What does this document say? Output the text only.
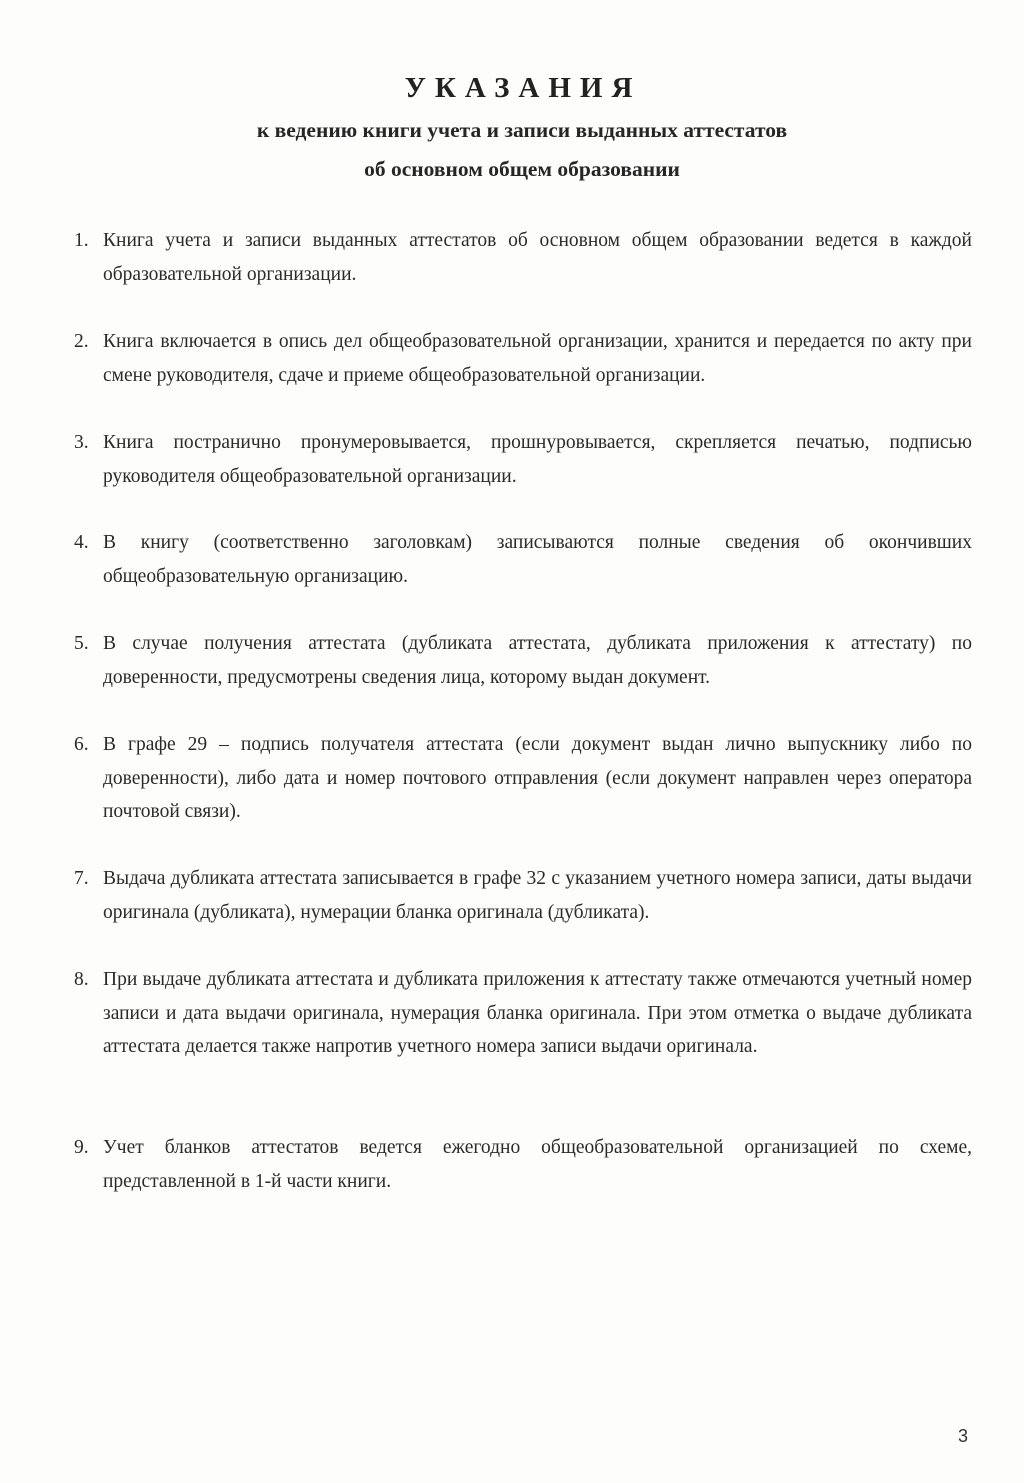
УКАЗАНИЯ
к ведению книги учета и записи выданных аттестатов
об основном общем образовании
1. Книга учета и записи выданных аттестатов об основном общем образовании ведется в каждой образовательной организации.
2. Книга включается в опись дел общеобразовательной организации, хранится и передается по акту при смене руководителя, сдаче и приеме общеобразовательной организации.
3. Книга постранично пронумеровывается, прошнуровывается, скрепляется печатью, подписью руководителя общеобразовательной организации.
4. В книгу (соответственно заголовкам) записываются полные сведения об окончивших общеобразовательную организацию.
5. В случае получения аттестата (дубликата аттестата, дубликата приложения к аттестату) по доверенности, предусмотрены сведения лица, которому выдан документ.
6. В графе 29 – подпись получателя аттестата (если документ выдан лично выпускнику либо по доверенности), либо дата и номер почтового отправления (если документ направлен через оператора почтовой связи).
7. Выдача дубликата аттестата записывается в графе 32 с указанием учетного номера записи, даты выдачи оригинала (дубликата), нумерации бланка оригинала (дубликата).
8. При выдаче дубликата аттестата и дубликата приложения к аттестату также отмечаются учетный номер записи и дата выдачи оригинала, нумерация бланка оригинала. При этом отметка о выдаче дубликата аттестата делается также напротив учетного номера записи выдачи оригинала.
9. Учет бланков аттестатов ведется ежегодно общеобразовательной организацией по схеме, представленной в 1-й части книги.
3
